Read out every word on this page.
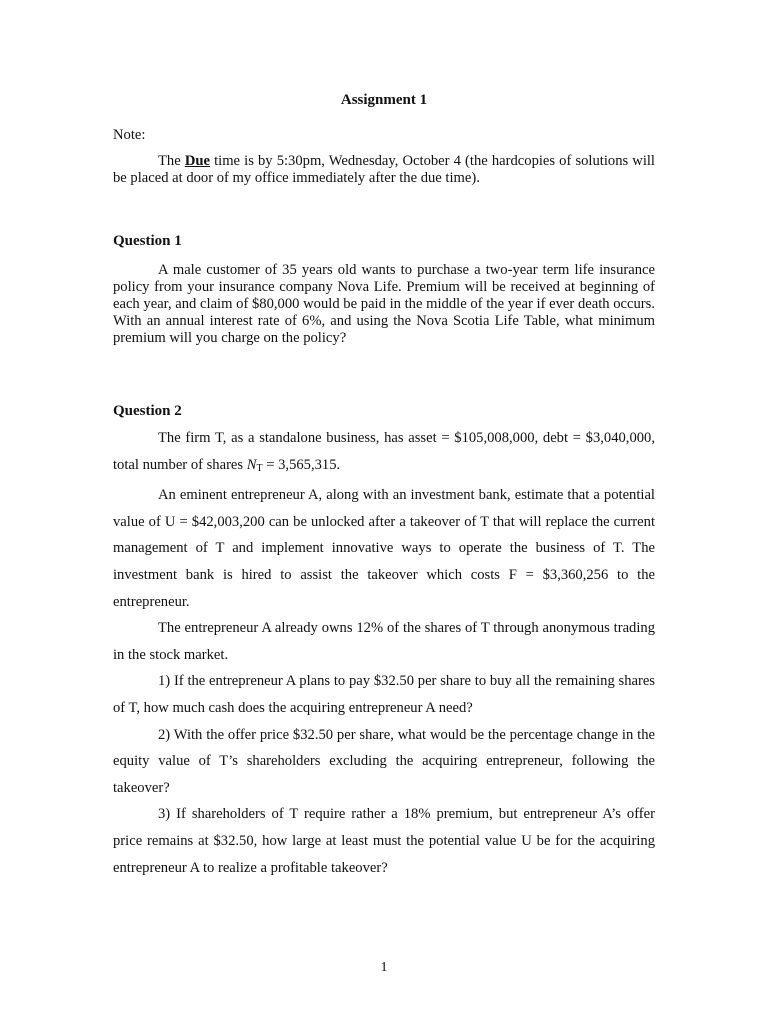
Assignment 1
Note:
The Due time is by 5:30pm, Wednesday, October 4 (the hardcopies of solutions will be placed at door of my office immediately after the due time).
Question 1
A male customer of 35 years old wants to purchase a two-year term life insurance policy from your insurance company Nova Life. Premium will be received at beginning of each year, and claim of $80,000 would be paid in the middle of the year if ever death occurs. With an annual interest rate of 6%, and using the Nova Scotia Life Table, what minimum premium will you charge on the policy?
Question 2

The firm T, as a standalone business, has asset = $105,008,000, debt = $3,040,000, total number of shares $N_T = 3,565,315$.

An eminent entrepreneur A, along with an investment bank, estimate that a potential value of U = $42,003,200 can be unlocked after a takeover of T that will replace the current management of T and implement innovative ways to operate the business of T. The investment bank is hired to assist the takeover which costs F = $3,360,256 to the entrepreneur.

The entrepreneur A already owns 12% of the shares of T through anonymous trading in the stock market.

1) If the entrepreneur A plans to pay $32.50 per share to buy all the remaining shares of T, how much cash does the acquiring entrepreneur A need?

2) With the offer price $32.50 per share, what would be the percentage change in the equity value of T’s shareholders excluding the acquiring entrepreneur, following the takeover?

3) If shareholders of T require rather a 18% premium, but entrepreneur A’s offer price remains at $32.50, how large at least must the potential value U be for the acquiring entrepreneur A to realize a profitable takeover?

1
